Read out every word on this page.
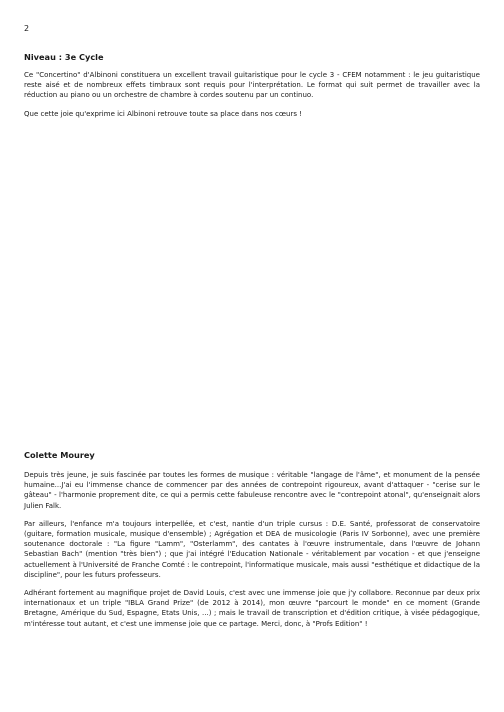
2
Niveau : 3e Cycle

Ce "Concertino" d'Albinoni constituera un excellent travail guitaristique pour le cycle 3 - CFEM notamment : le jeu guitaristique reste aisé et de nombreux effets timbraux sont requis pour l'interprétation. Le format qui suit permet de travailler avec la réduction au piano ou un orchestre de chambre à cordes soutenu par un continuo.

Que cette joie qu'exprime ici Albinoni retrouve toute sa place dans nos cœurs !

Colette Mourey

Depuis très jeune, je suis fascinée par toutes les formes de musique : véritable "langage de l'âme", et monument de la pensée humaine...J'ai eu l'immense chance de commencer par des années de contrepoint rigoureux, avant d'attaquer - "cerise sur le gâteau" - l'harmonie proprement dite, ce qui a permis cette fabuleuse rencontre avec le "contrepoint atonal", qu'enseignait alors Julien Falk.

Par ailleurs, l'enfance m'a toujours interpellée, et c'est, nantie d'un triple cursus : D.E. Santé, professorat de conservatoire (guitare, formation musicale, musique d'ensemble) ; Agrégation et DEA de musicologie (Paris IV Sorbonne), avec une première soutenance doctorale : "La figure "Lamm", "Osterlamm", des cantates à l'œuvre instrumentale, dans l'œuvre de Johann Sebastian Bach" (mention "très bien") ; que j'ai intégré l'Education Nationale - véritablement par vocation - et que j'enseigne actuellement à l'Université de Franche Comté : le contrepoint, l'informatique musicale, mais aussi "esthétique et didactique de la discipline", pour les futurs professeurs.

Adhérant fortement au magnifique projet de David Louis, c'est avec une immense joie que j'y collabore. Reconnue par deux prix internationaux et un triple "IBLA Grand Prize" (de 2012 à 2014), mon œuvre "parcourt le monde" en ce moment (Grande Bretagne, Amérique du Sud, Espagne, Etats Unis, ...) ; mais le travail de transcription et d'édition critique, à visée pédagogique, m'intéresse tout autant, et c'est une immense joie que ce partage. Merci, donc, à "Profs Edition" !
